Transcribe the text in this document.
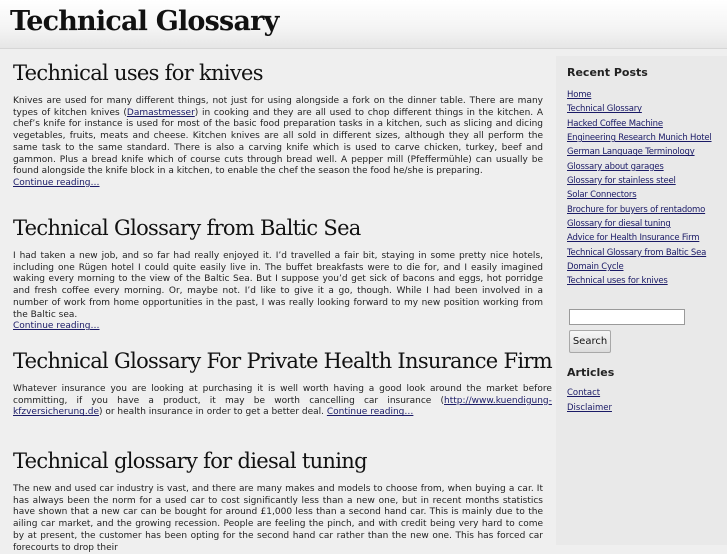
Technical Glossary
Technical uses for knives

Knives are used for many different things, not just for using alongside a fork on the dinner table. There are many types of kitchen knives (Damastmesser) in cooking and they are all used to chop different things in the kitchen. A chef’s knife for instance is used for most of the basic food preparation tasks in a kitchen, such as slicing and dicing vegetables, fruits, meats and cheese. Kitchen knives are all sold in different sizes, although they all perform the same task to the same standard. There is also a carving knife which is used to carve chicken, turkey, beef and gammon. Plus a bread knife which of course cuts through bread well. A pepper mill (Pfeffermühle) can usually be found alongside the knife block in a kitchen, to enable the chef the season the food he/she is preparing.
Continue reading…

Technical Glossary from Baltic Sea

I had taken a new job, and so far had really enjoyed it. I’d travelled a fair bit, staying in some pretty nice hotels, including one Rügen hotel I could quite easily live in. The buffet breakfasts were to die for, and I easily imagined waking every morning to the view of the Baltic Sea. But I suppose you’d get sick of bacons and eggs, hot porridge and fresh coffee every morning. Or, maybe not. I’d like to give it a go, though. While I had been involved in a number of work from home opportunities in the past, I was really looking forward to my new position working from the Baltic sea.
Continue reading…

Technical Glossary For Private Health Insurance Firm

Whatever insurance you are looking at purchasing it is well worth having a good look around the market before committing, if you have a product, it may be worth cancelling car insurance (http://www.kuendigung-kfzversicherung.de) or health insurance in order to get a better deal. Continue reading…

Technical glossary for diesal tuning

The new and used car industry is vast, and there are many makes and models to choose from, when buying a car. It has always been the norm for a used car to cost significantly less than a new one, but in recent months statistics have shown that a new car can be bought for around £1,000 less than a second hand car. This is mainly due to the ailing car market, and the growing recession. People are feeling the pinch, and with credit being very hard to come by at present, the customer has been opting for the second hand car rather than the new one. This has forced car forecourts to drop their

Recent Posts
Home
Technical Glossary
Hacked Coffee Machine
Engineering Research Munich Hotel
German Language Terminology
Glossary about garages
Glossary for stainless steel
Solar Connectors
Brochure for buyers of rentadomo
Glossary for diesal tuning
Advice for Health Insurance Firm
Technical Glossary from Baltic Sea
Domain Cycle
Technical uses for knives
Search
Articles
Contact
Disclaimer
